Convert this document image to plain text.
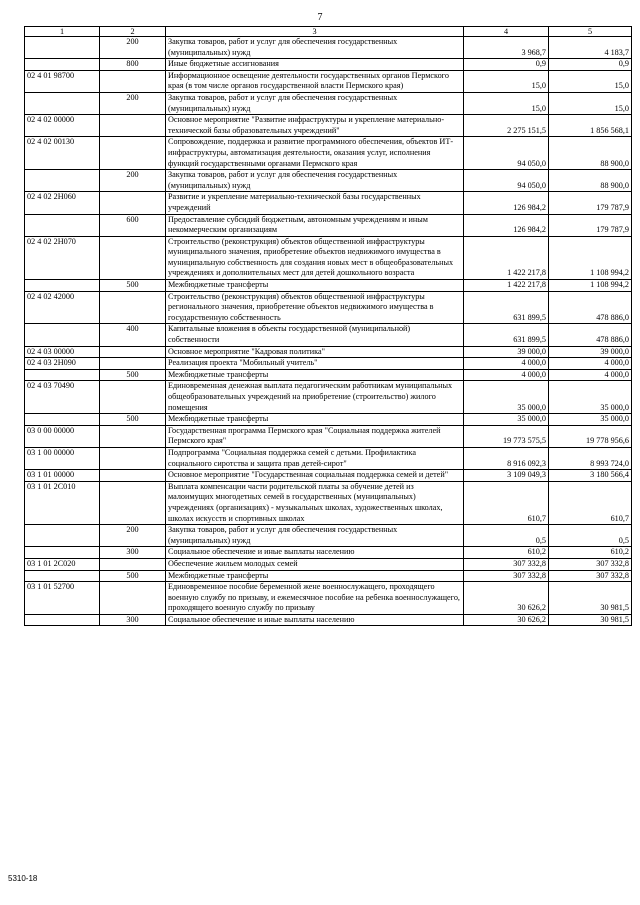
7
1	2	3	4	5
	200	Закупка товаров, работ и услуг для обеспечения государственных (муниципальных) нужд	3 968,7	4 183,7
	800	Иные бюджетные ассигнования	0,9	0,9
02 4 01 98700		Информационное освещение деятельности государственных органов Пермского края (в том числе органов государственной власти Пермского края)	15,0	15,0
	200	Закупка товаров, работ и услуг для обеспечения государственных (муниципальных) нужд	15,0	15,0
02 4 02 00000		Основное мероприятие "Развитие инфраструктуры и укрепление материально-технической базы образовательных учреждений"	2 275 151,5	1 856 568,1
02 4 02 00130		Сопровождение, поддержка и развитие программного обеспечения, объектов ИТ-инфраструктуры, автоматизация деятельности, оказания услуг, исполнения функций государственными органами Пермского края	94 050,0	88 900,0
	200	Закупка товаров, работ и услуг для обеспечения государственных (муниципальных) нужд	94 050,0	88 900,0
02 4 02 2Н060		Развитие и укрепление материально-технической базы государственных учреждений	126 984,2	179 787,9
	600	Предоставление субсидий бюджетным, автономным учреждениям и иным некоммерческим организациям	126 984,2	179 787,9
02 4 02 2Н070		Строительство (реконструкция) объектов общественной инфраструктуры муниципального значения, приобретение объектов недвижимого имущества в муниципальную собственность для создания новых мест в общеобразовательных учреждениях и дополнительных мест для детей дошкольного возраста	1 422 217,8	1 108 994,2
	500	Межбюджетные трансферты	1 422 217,8	1 108 994,2
02 4 02 42000		Строительство (реконструкция) объектов общественной инфраструктуры регионального значения, приобретение объектов недвижимого имущества в государственную собственность	631 899,5	478 886,0
	400	Капитальные вложения в объекты государственной (муниципальной) собственности	631 899,5	478 886,0
02 4 03 00000		Основное мероприятие "Кадровая политика"	39 000,0	39 000,0
02 4 03 2Н090		Реализация проекта "Мобильный учитель"	4 000,0	4 000,0
	500	Межбюджетные трансферты	4 000,0	4 000,0
02 4 03 70490		Единовременная денежная выплата педагогическим работникам муниципальных общеобразовательных учреждений на приобретение (строительство) жилого помещения	35 000,0	35 000,0
	500	Межбюджетные трансферты	35 000,0	35 000,0
03 0 00 00000		Государственная программа Пермского края "Социальная поддержка жителей Пермского края"	19 773 575,5	19 778 956,6
03 1 00 00000		Подпрограмма "Социальная поддержка семей с детьми. Профилактика социального сиротства и защита прав детей-сирот"	8 916 092,3	8 993 724,0
03 1 01 00000		Основное мероприятие "Государственная социальная поддержка семей и детей"	3 109 049,3	3 180 566,4
03 1 01 2С010		Выплата компенсации части родительской платы за обучение детей из малоимущих многодетных семей в государственных (муниципальных) учреждениях (организациях) - музыкальных школах, художественных школах, школах искусств и спортивных школах	610,7	610,7
	200	Закупка товаров, работ и услуг для обеспечения государственных (муниципальных) нужд	0,5	0,5
	300	Социальное обеспечение и иные выплаты населению	610,2	610,2
03 1 01 2С020		Обеспечение жильем молодых семей	307 332,8	307 332,8
	500	Межбюджетные трансферты	307 332,8	307 332,8
03 1 01 52700		Единовременное пособие беременной жене военнослужащего, проходящего военную службу по призыву, и ежемесячное пособие на ребенка военнослужащего, проходящего военную службу по призыву	30 626,2	30 981,5
	300	Социальное обеспечение и иные выплаты населению	30 626,2	30 981,5
5310-18
